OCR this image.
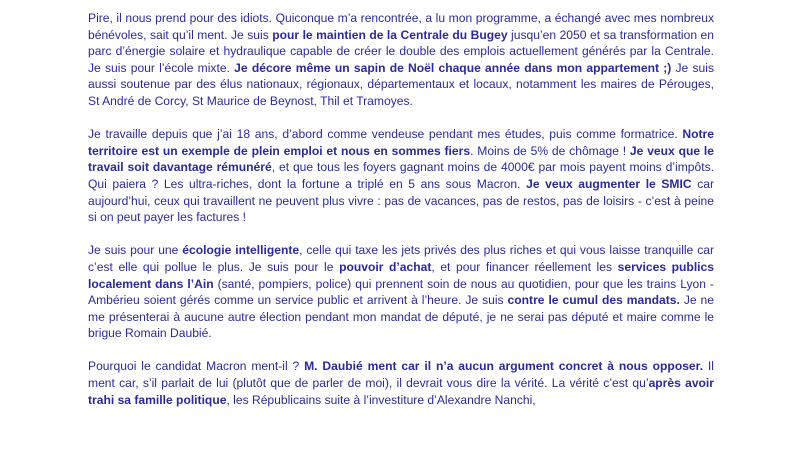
Pire, il nous prend pour des idiots. Quiconque m’a rencontrée, a lu mon programme, a échangé avec mes nombreux bénévoles, sait qu’il ment. Je suis pour le maintien de la Centrale du Bugey jusqu’en 2050 et sa transformation en parc d’énergie solaire et hydraulique capable de créer le double des emplois actuellement générés par la Centrale. Je suis pour l’école mixte. Je décore même un sapin de Noël chaque année dans mon appartement ;) Je suis aussi soutenue par des élus nationaux, régionaux, départementaux et locaux, notamment les maires de Pérouges, St André de Corcy, St Maurice de Beynost, Thil et Tramoyes.

Je travaille depuis que j’ai 18 ans, d’abord comme vendeuse pendant mes études, puis comme formatrice. Notre territoire est un exemple de plein emploi et nous en sommes fiers. Moins de 5% de chômage ! Je veux que le travail soit davantage rémunéré, et que tous les foyers gagnant moins de 4000€ par mois payent moins d’impôts. Qui paiera ? Les ultra-riches, dont la fortune a triplé en 5 ans sous Macron. Je veux augmenter le SMIC car aujourd’hui, ceux qui travaillent ne peuvent plus vivre : pas de vacances, pas de restos, pas de loisirs - c’est à peine si on peut payer les factures !

Je suis pour une écologie intelligente, celle qui taxe les jets privés des plus riches et qui vous laisse tranquille car c’est elle qui pollue le plus. Je suis pour le pouvoir d’achat, et pour financer réellement les services publics localement dans l’Ain (santé, pompiers, police) qui prennent soin de nous au quotidien, pour que les trains Lyon - Ambérieu soient gérés comme un service public et arrivent à l’heure. Je suis contre le cumul des mandats. Je ne me présenterai à aucune autre élection pendant mon mandat de député, je ne serai pas député et maire comme le brigue Romain Daubié.

Pourquoi le candidat Macron ment-il ? M. Daubié ment car il n’a aucun argument concret à nous opposer. Il ment car, s’il parlait de lui (plutôt que de parler de moi), il devrait vous dire la vérité. La vérité c’est qu’après avoir trahi sa famille politique, les Républicains suite à l’investiture d’Alexandre Nanchi,
